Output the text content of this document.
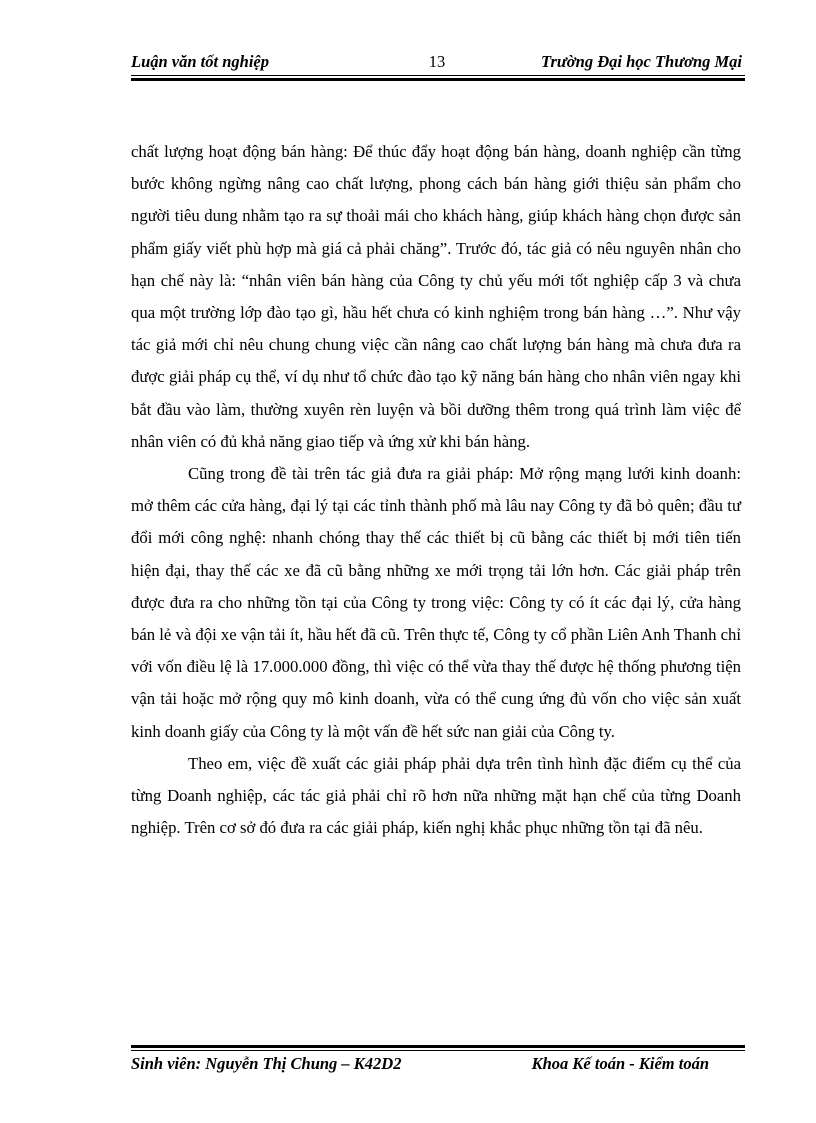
Luận văn tốt nghiệp	13	Trường Đại học Thương Mại

chất lượng hoạt động bán hàng: Để thúc đẩy hoạt động bán hàng, doanh nghiệp cần từng bước không ngừng nâng cao chất lượng, phong cách bán hàng giới thiệu sản phẩm cho người tiêu dung nhằm tạo ra sự thoải mái cho khách hàng, giúp khách hàng chọn được sản phẩm giấy viết phù hợp mà giá cả phải chăng”. Trước đó, tác giả có nêu nguyên nhân cho hạn chế này là: “nhân viên bán hàng của Công ty chủ yếu mới tốt nghiệp cấp 3 và chưa qua một trường lớp đào tạo gì, hầu hết chưa có kinh nghiệm trong bán hàng …”. Như vậy tác giả mới chỉ nêu chung chung việc cần nâng cao chất lượng bán hàng mà chưa đưa ra được giải pháp cụ thể, ví dụ như tổ chức đào tạo kỹ năng bán hàng cho nhân viên ngay khi bắt đầu vào làm, thường xuyên rèn luyện và bồi dưỡng thêm trong quá trình làm việc để nhân viên có đủ khả năng giao tiếp và ứng xử khi bán hàng.

Cũng trong đề tài trên tác giả đưa ra giải pháp: Mở rộng mạng lưới kinh doanh: mở thêm các cửa hàng, đại lý tại các tỉnh thành phố mà lâu nay Công ty đã bỏ quên; đầu tư đổi mới công nghệ: nhanh chóng thay thế các thiết bị cũ bằng các thiết bị mới tiên tiến hiện đại, thay thế các xe đã cũ bằng những xe mới trọng tải lớn hơn. Các giải pháp trên được đưa ra cho những tồn tại của Công ty trong việc: Công ty có ít các đại lý, cửa hàng bán lẻ và đội xe vận tải ít, hầu hết đã cũ. Trên thực tế, Công ty cổ phần Liên Anh Thanh chỉ với vốn điều lệ là 17.000.000 đồng, thì việc có thể vừa thay thế được hệ thống phương tiện vận tải hoặc mở rộng quy mô kinh doanh, vừa có thể cung ứng đủ vốn cho việc sản xuất kinh doanh giấy của Công ty là một vấn đề hết sức nan giải của Công ty.

Theo em, việc đề xuất các giải pháp phải dựa trên tình hình đặc điểm cụ thể của từng Doanh nghiệp, các tác giả phải chỉ rõ hơn nữa những mặt hạn chế của từng Doanh nghiệp. Trên cơ sở đó đưa ra các giải pháp, kiến nghị khắc phục những tồn tại đã nêu.

Sinh viên: Nguyễn Thị Chung – K42D2	Khoa Kế toán - Kiểm toán
